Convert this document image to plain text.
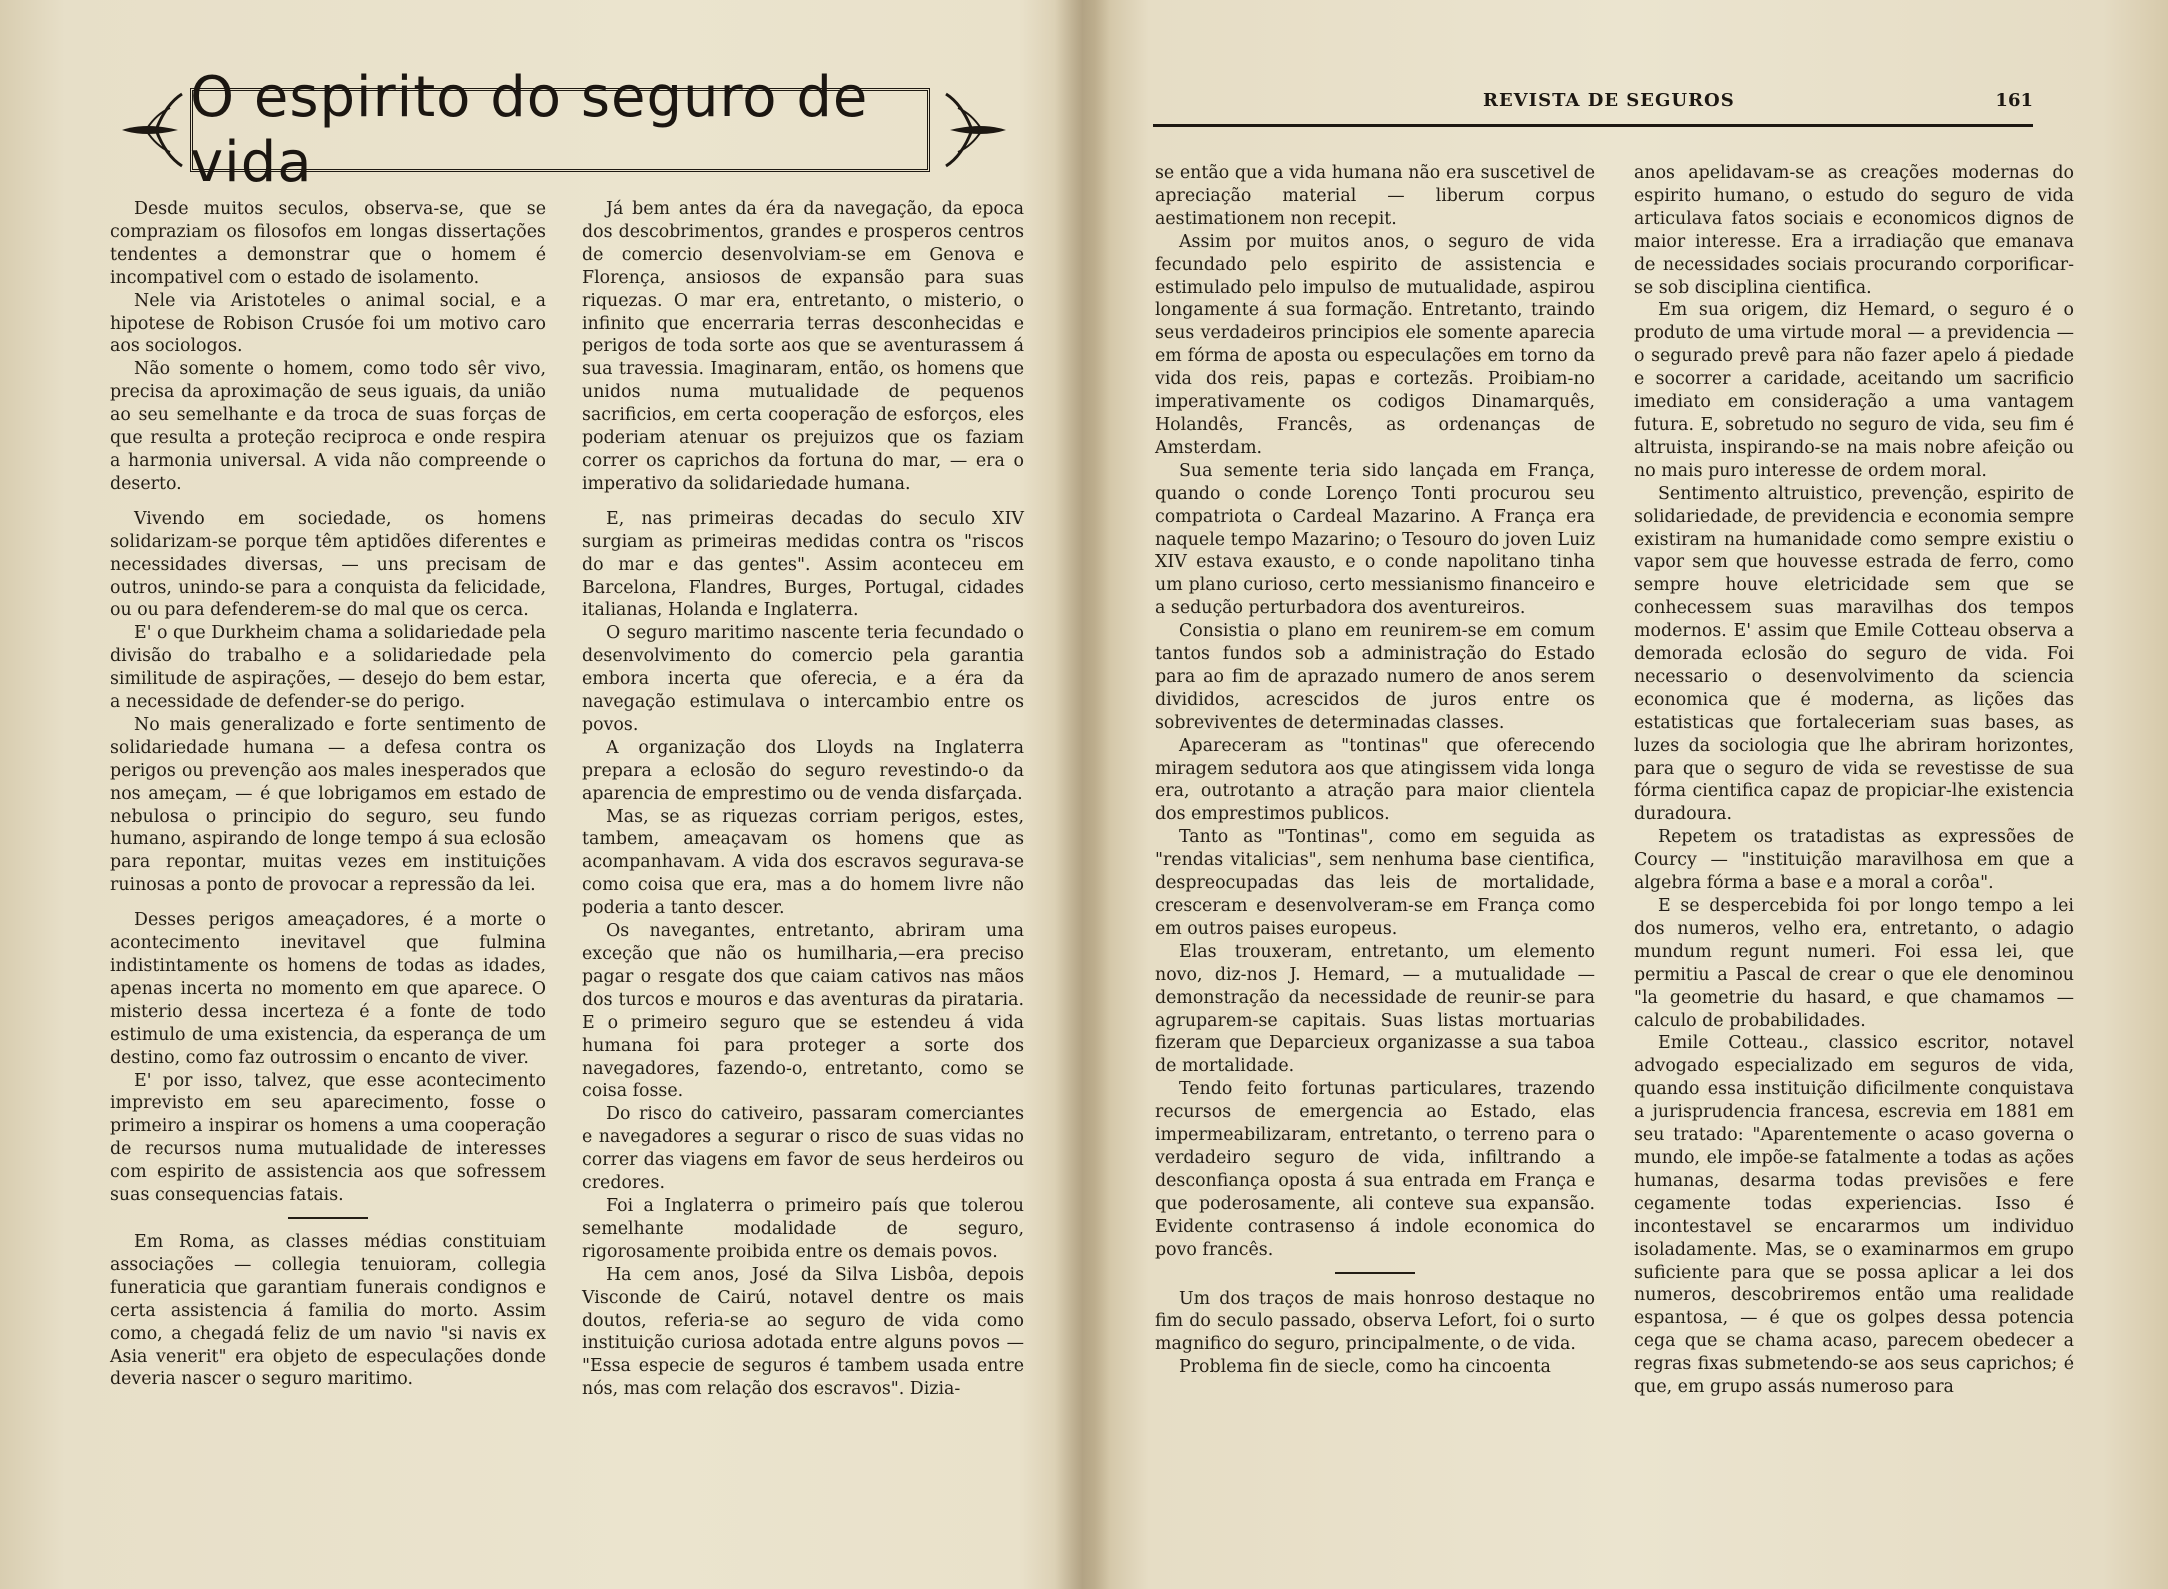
O espirito do seguro de vida

Desde muitos seculos, observa-se, que se compraziam os filosofos em longas dissertações tendentes a demonstrar que o homem é incompativel com o estado de isolamento.

Nele via Aristoteles o animal social, e a hipotese de Robison Crusóe foi um motivo caro aos sociologos.

Não somente o homem, como todo sêr vivo, precisa da aproximação de seus iguais, da união ao seu semelhante e da troca de suas forças de que resulta a proteção reciproca e onde respira a harmonia universal. A vida não compreende o deserto.

Vivendo em sociedade, os homens solidarizam-se porque têm aptidões diferentes e necessidades diversas, — uns precisam de outros, unindo-se para a conquista da felicidade, ou ou para defenderem-se do mal que os cerca.

E' o que Durkheim chama a solidariedade pela divisão do trabalho e a solidariedade pela similitude de aspirações, — desejo do bem estar, a necessidade de defender-se do perigo.

No mais generalizado e forte sentimento de solidariedade humana — a defesa contra os perigos ou prevenção aos males inesperados que nos ameçam, — é que lobrigamos em estado de nebulosa o principio do seguro, seu fundo humano, aspirando de longe tempo á sua eclosão para repontar, muitas vezes em instituições ruinosas a ponto de provocar a repressão da lei.

Desses perigos ameaçadores, é a morte o acontecimento inevitavel que fulmina indistintamente os homens de todas as idades, apenas incerta no momento em que aparece. O misterio dessa incerteza é a fonte de todo estimulo de uma existencia, da esperança de um destino, como faz outrossim o encanto de viver.

E' por isso, talvez, que esse acontecimento imprevisto em seu aparecimento, fosse o primeiro a inspirar os homens a uma cooperação de recursos numa mutualidade de interesses com espirito de assistencia aos que sofressem suas consequencias fatais.

Em Roma, as classes médias constituiam associações — collegia tenuioram, collegia funeraticia que garantiam funerais condignos e certa assistencia á familia do morto. Assim como, a chegadá feliz de um navio "si navis ex Asia venerit" era objeto de especulações donde deveria nascer o seguro maritimo.

Já bem antes da éra da navegação, da epoca dos descobrimentos, grandes e prosperos centros de comercio desenvolviam-se em Genova e Florença, ansiosos de expansão para suas riquezas. O mar era, entretanto, o misterio, o infinito que encerraria terras desconhecidas e perigos de toda sorte aos que se aventurassem á sua travessia. Imaginaram, então, os homens que unidos numa mutualidade de pequenos sacrificios, em certa cooperação de esforços, eles poderiam atenuar os prejuizos que os faziam correr os caprichos da fortuna do mar, — era o imperativo da solidariedade humana.

E, nas primeiras decadas do seculo XIV surgiam as primeiras medidas contra os "riscos do mar e das gentes". Assim aconteceu em Barcelona, Flandres, Burges, Portugal, cidades italianas, Holanda e Inglaterra.

O seguro maritimo nascente teria fecundado o desenvolvimento do comercio pela garantia embora incerta que oferecia, e a éra da navegação estimulava o intercambio entre os povos.

A organização dos Lloyds na Inglaterra prepara a eclosão do seguro revestindo-o da aparencia de emprestimo ou de venda disfarçada.

Mas, se as riquezas corriam perigos, estes, tambem, ameaçavam os homens que as acompanhavam. A vida dos escravos segurava-se como coisa que era, mas a do homem livre não poderia a tanto descer.

Os navegantes, entretanto, abriram uma exceção que não os humilharia,—era preciso pagar o resgate dos que caiam cativos nas mãos dos turcos e mouros e das aventuras da pirataria. E o primeiro seguro que se estendeu á vida humana foi para proteger a sorte dos navegadores, fazendo-o, entretanto, como se coisa fosse.

Do risco do cativeiro, passaram comerciantes e navegadores a segurar o risco de suas vidas no correr das viagens em favor de seus herdeiros ou credores.

Foi a Inglaterra o primeiro país que tolerou semelhante modalidade de seguro, rigorosamente proibida entre os demais povos.

Ha cem anos, José da Silva Lisbôa, depois Visconde de Cairú, notavel dentre os mais doutos, referia-se ao seguro de vida como instituição curiosa adotada entre alguns povos — "Essa especie de seguros é tambem usada entre nós, mas com relação dos escravos". Dizia-

REVISTA DE SEGUROS	161

se então que a vida humana não era suscetivel de apreciação material — liberum corpus aestimationem non recepit.

Assim por muitos anos, o seguro de vida fecundado pelo espirito de assistencia e estimulado pelo impulso de mutualidade, aspirou longamente á sua formação. Entretanto, traindo seus verdadeiros principios ele somente aparecia em fórma de aposta ou especulações em torno da vida dos reis, papas e cortezãs. Proibiam-no imperativamente os codigos Dinamarquês, Holandês, Francês, as ordenanças de Amsterdam.

Sua semente teria sido lançada em França, quando o conde Lorenço Tonti procurou seu compatriota o Cardeal Mazarino. A França era naquele tempo Mazarino; o Tesouro do joven Luiz XIV estava exausto, e o conde napolitano tinha um plano curioso, certo messianismo financeiro e a sedução perturbadora dos aventureiros.

Consistia o plano em reunirem-se em comum tantos fundos sob a administração do Estado para ao fim de aprazado numero de anos serem divididos, acrescidos de juros entre os sobreviventes de determinadas classes.

Apareceram as "tontinas" que oferecendo miragem sedutora aos que atingissem vida longa era, outrotanto a atração para maior clientela dos emprestimos publicos.

Tanto as "Tontinas", como em seguida as "rendas vitalicias", sem nenhuma base cientifica, despreocupadas das leis de mortalidade, cresceram e desenvolveram-se em França como em outros paises europeus.

Elas trouxeram, entretanto, um elemento novo, diz-nos J. Hemard, — a mutualidade — demonstração da necessidade de reunir-se para agruparem-se capitais. Suas listas mortuarias fizeram que Deparcieux organizasse a sua taboa de mortalidade.

Tendo feito fortunas particulares, trazendo recursos de emergencia ao Estado, elas impermeabilizaram, entretanto, o terreno para o verdadeiro seguro de vida, infiltrando a desconfiança oposta á sua entrada em França e que poderosamente, ali conteve sua expansão. Evidente contrasenso á indole economica do povo francês.

Um dos traços de mais honroso destaque no fim do seculo passado, observa Lefort, foi o surto magnifico do seguro, principalmente, o de vida.

Problema fin de siecle, como ha cincoenta

anos apelidavam-se as creações modernas do espirito humano, o estudo do seguro de vida articulava fatos sociais e economicos dignos de maior interesse. Era a irradiação que emanava de necessidades sociais procurando corporificar-se sob disciplina cientifica.

Em sua origem, diz Hemard, o seguro é o produto de uma virtude moral — a previdencia — o segurado prevê para não fazer apelo á piedade e socorrer a caridade, aceitando um sacrificio imediato em consideração a uma vantagem futura. E, sobretudo no seguro de vida, seu fim é altruista, inspirando-se na mais nobre afeição ou no mais puro interesse de ordem moral.

Sentimento altruistico, prevenção, espirito de solidariedade, de previdencia e economia sempre existiram na humanidade como sempre existiu o vapor sem que houvesse estrada de ferro, como sempre houve eletricidade sem que se conhecessem suas maravilhas dos tempos modernos. E' assim que Emile Cotteau observa a demorada eclosão do seguro de vida. Foi necessario o desenvolvimento da sciencia economica que é moderna, as lições das estatisticas que fortaleceriam suas bases, as luzes da sociologia que lhe abriram horizontes, para que o seguro de vida se revestisse de sua fórma cientifica capaz de propiciar-lhe existencia duradoura.

Repetem os tratadistas as expressões de Courcy — "instituição maravilhosa em que a algebra fórma a base e a moral a corôa".

E se despercebida foi por longo tempo a lei dos numeros, velho era, entretanto, o adagio mundum regunt numeri. Foi essa lei, que permitiu a Pascal de crear o que ele denominou "la geometrie du hasard, e que chamamos — calculo de probabilidades.

Emile Cotteau., classico escritor, notavel advogado especializado em seguros de vida, quando essa instituição dificilmente conquistava a jurisprudencia francesa, escrevia em 1881 em seu tratado: "Aparentemente o acaso governa o mundo, ele impõe-se fatalmente a todas as ações humanas, desarma todas previsões e fere cegamente todas experiencias. Isso é incontestavel se encararmos um individuo isoladamente. Mas, se o examinarmos em grupo suficiente para que se possa aplicar a lei dos numeros, descobriremos então uma realidade espantosa, — é que os golpes dessa potencia cega que se chama acaso, parecem obedecer a regras fixas submetendo-se aos seus caprichos; é que, em grupo assás numeroso para
